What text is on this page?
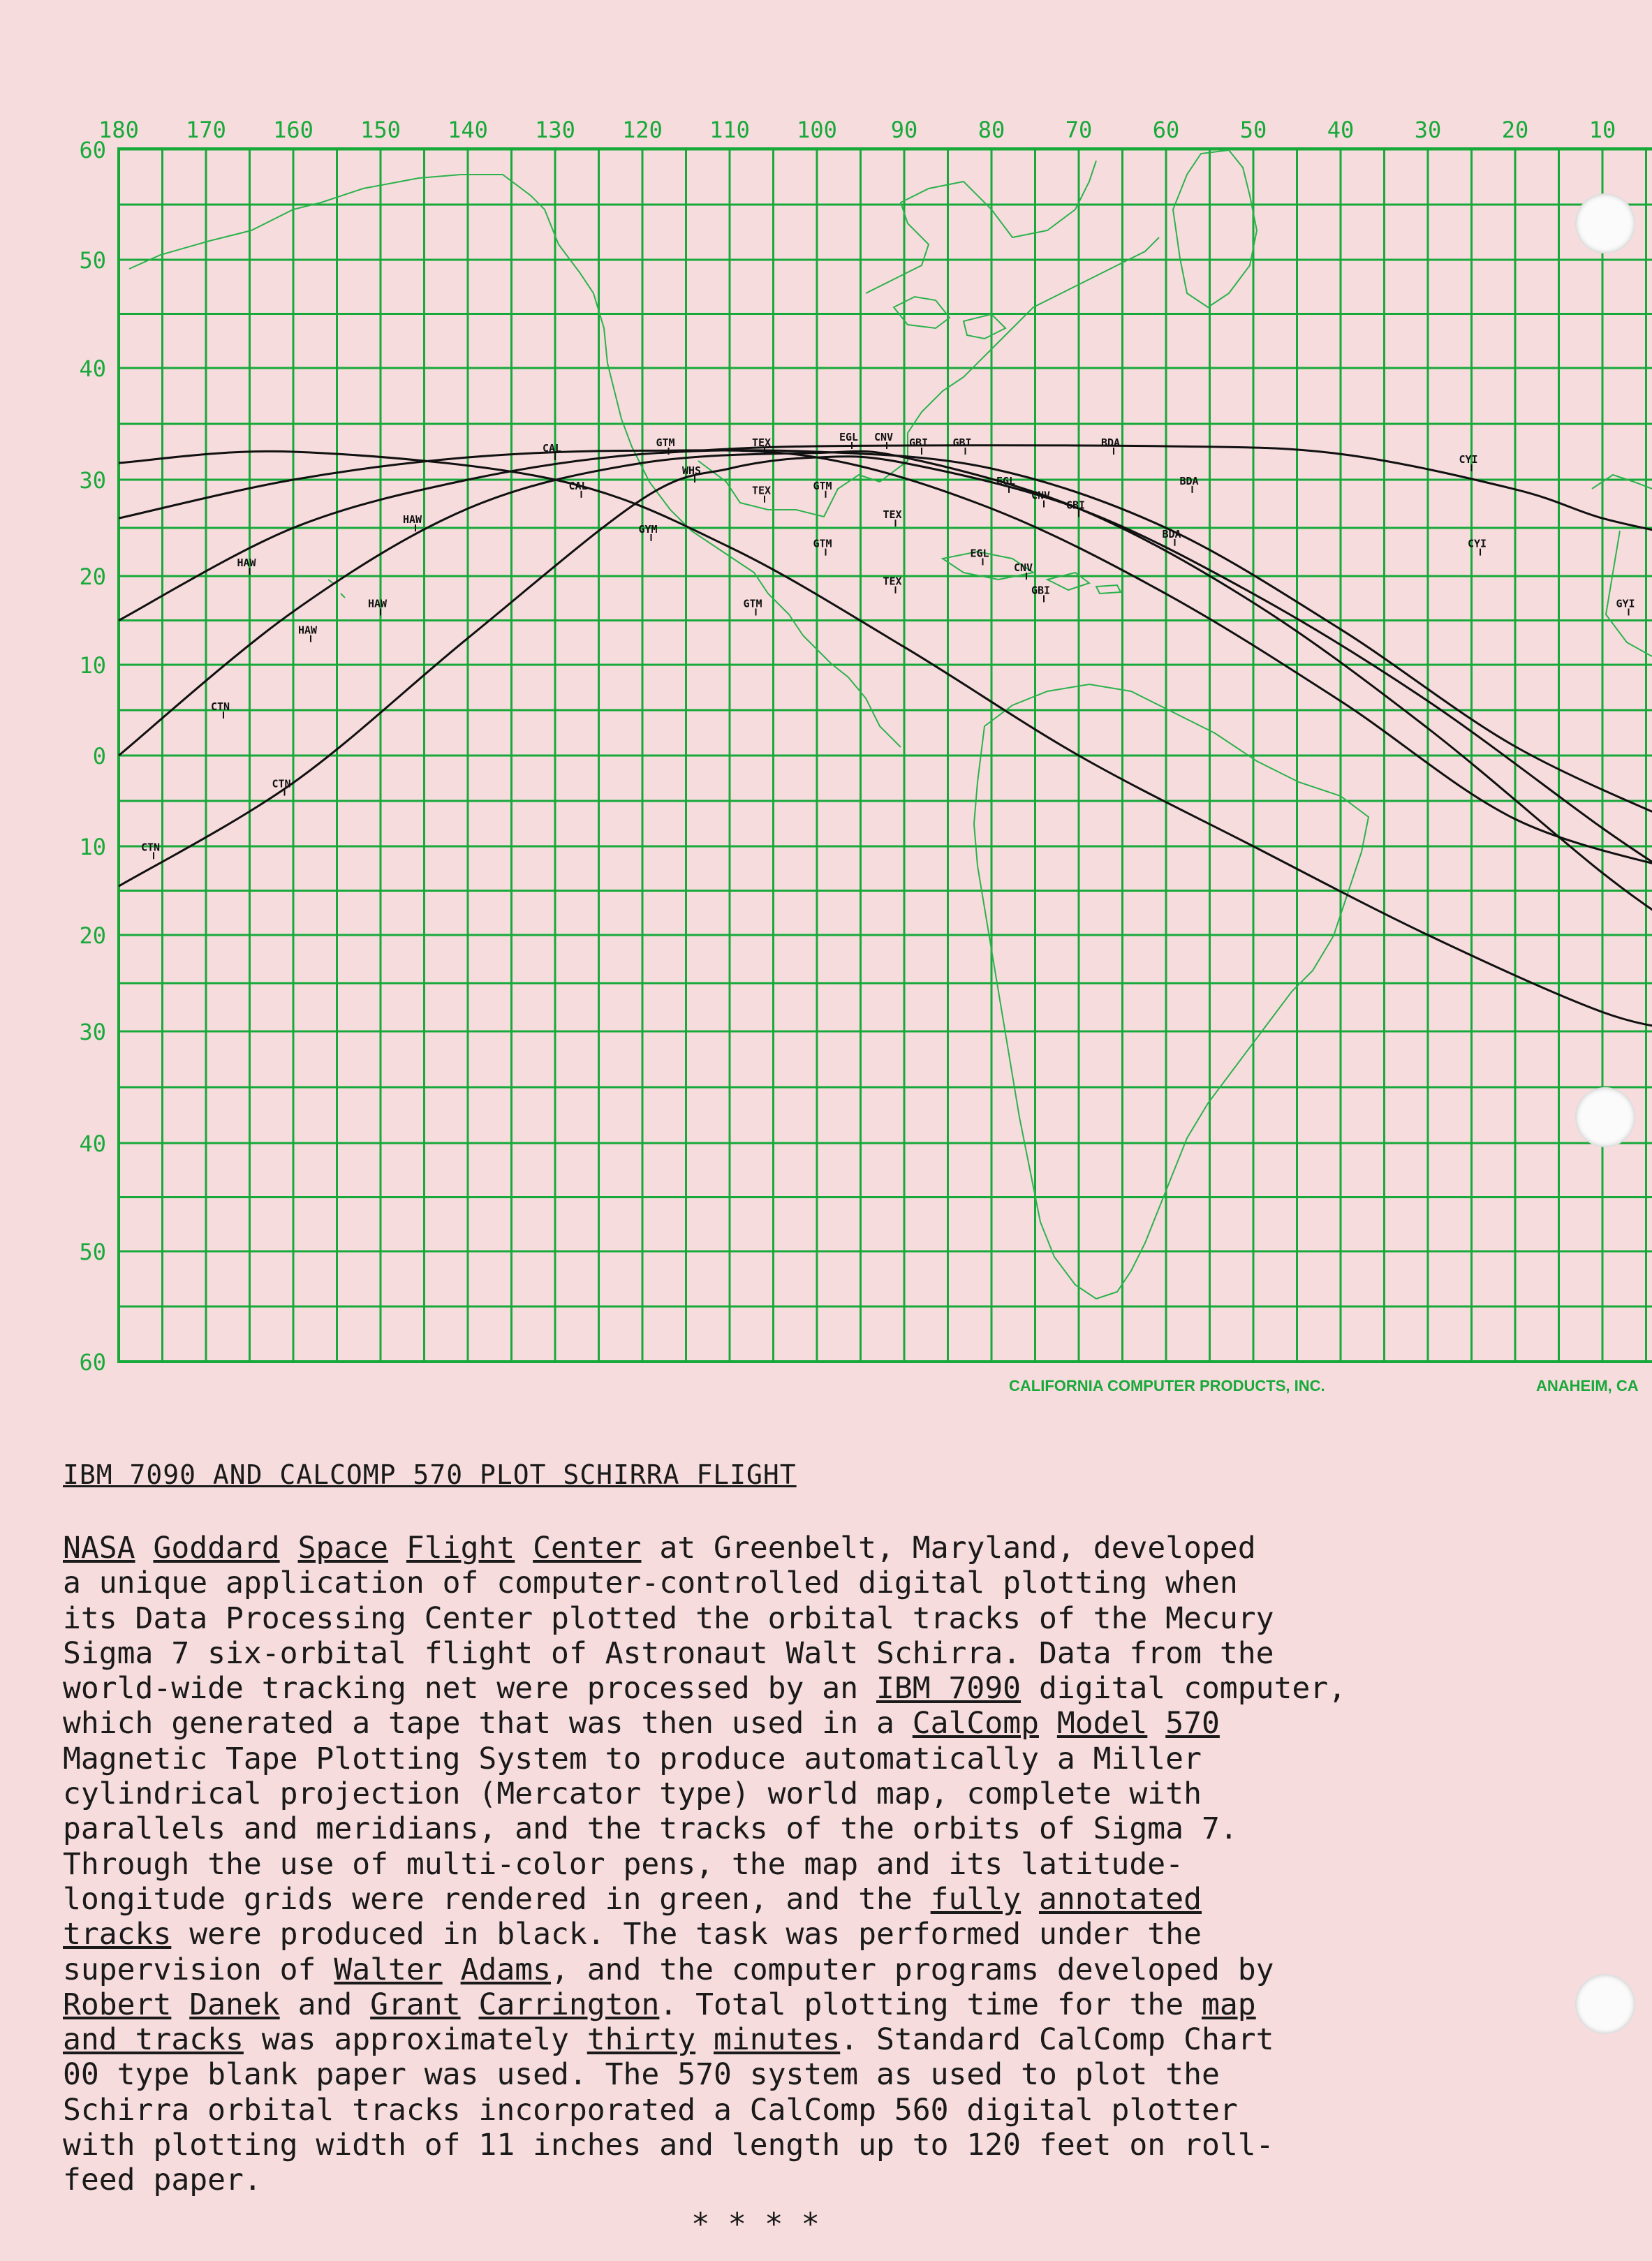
CTN
CTN
CTN
HAW
HAW
HAW
HAW
CAL
CAL
GYM
GTM
GTM
GTM
GTM
TEX
TEX
TEX
TEX
EGL
EGL
EGL
CNV
CNV
CNV
GBI GBI
GBI
GBI
BDA
BDA
BDA
WHS
CYI
CYI
GYI
180 170 160 150 140 130 120 110 100 90	80	70	60	50	40	30	20	10
60
50
40
30
20
10
0
10
20
30
40
50
60
CALIFORNIA COMPUTER PRODUCTS, INC.	ANAHEIM, CA
IBM 7090 AND CALCOMP 570 PLOT SCHIRRA FLIGHT
NASA Goddard Space Flight Center at Greenbelt, Maryland, developed
a unique application of computer-controlled digital plotting when
its Data Processing Center plotted the orbital tracks of the Mecury
Sigma 7 six-orbital flight of Astronaut Walt Schirra. Data from the
world-wide tracking net were processed by an IBM 7090 digital computer,
which generated a tape that was then used in a CalComp Model 570
Magnetic Tape Plotting System to produce automatically a Miller
cylindrical projection (Mercator type) world map, complete with
parallels and meridians, and the tracks of the orbits of Sigma 7.
Through the use of multi-color pens, the map and its latitude-
longitude grids were rendered in green, and the fully annotated
tracks were produced in black. The task was performed under the
supervision of Walter Adams, and the computer programs developed by
Robert Danek and Grant Carrington. Total plotting time for the map
and tracks was approximately thirty minutes. Standard CalComp Chart
00 type blank paper was used. The 570 system as used to plot the
Schirra orbital tracks incorporated a CalComp 560 digital plotter
with plotting width of 11 inches and length up to 120 feet on roll-
feed paper.
****
